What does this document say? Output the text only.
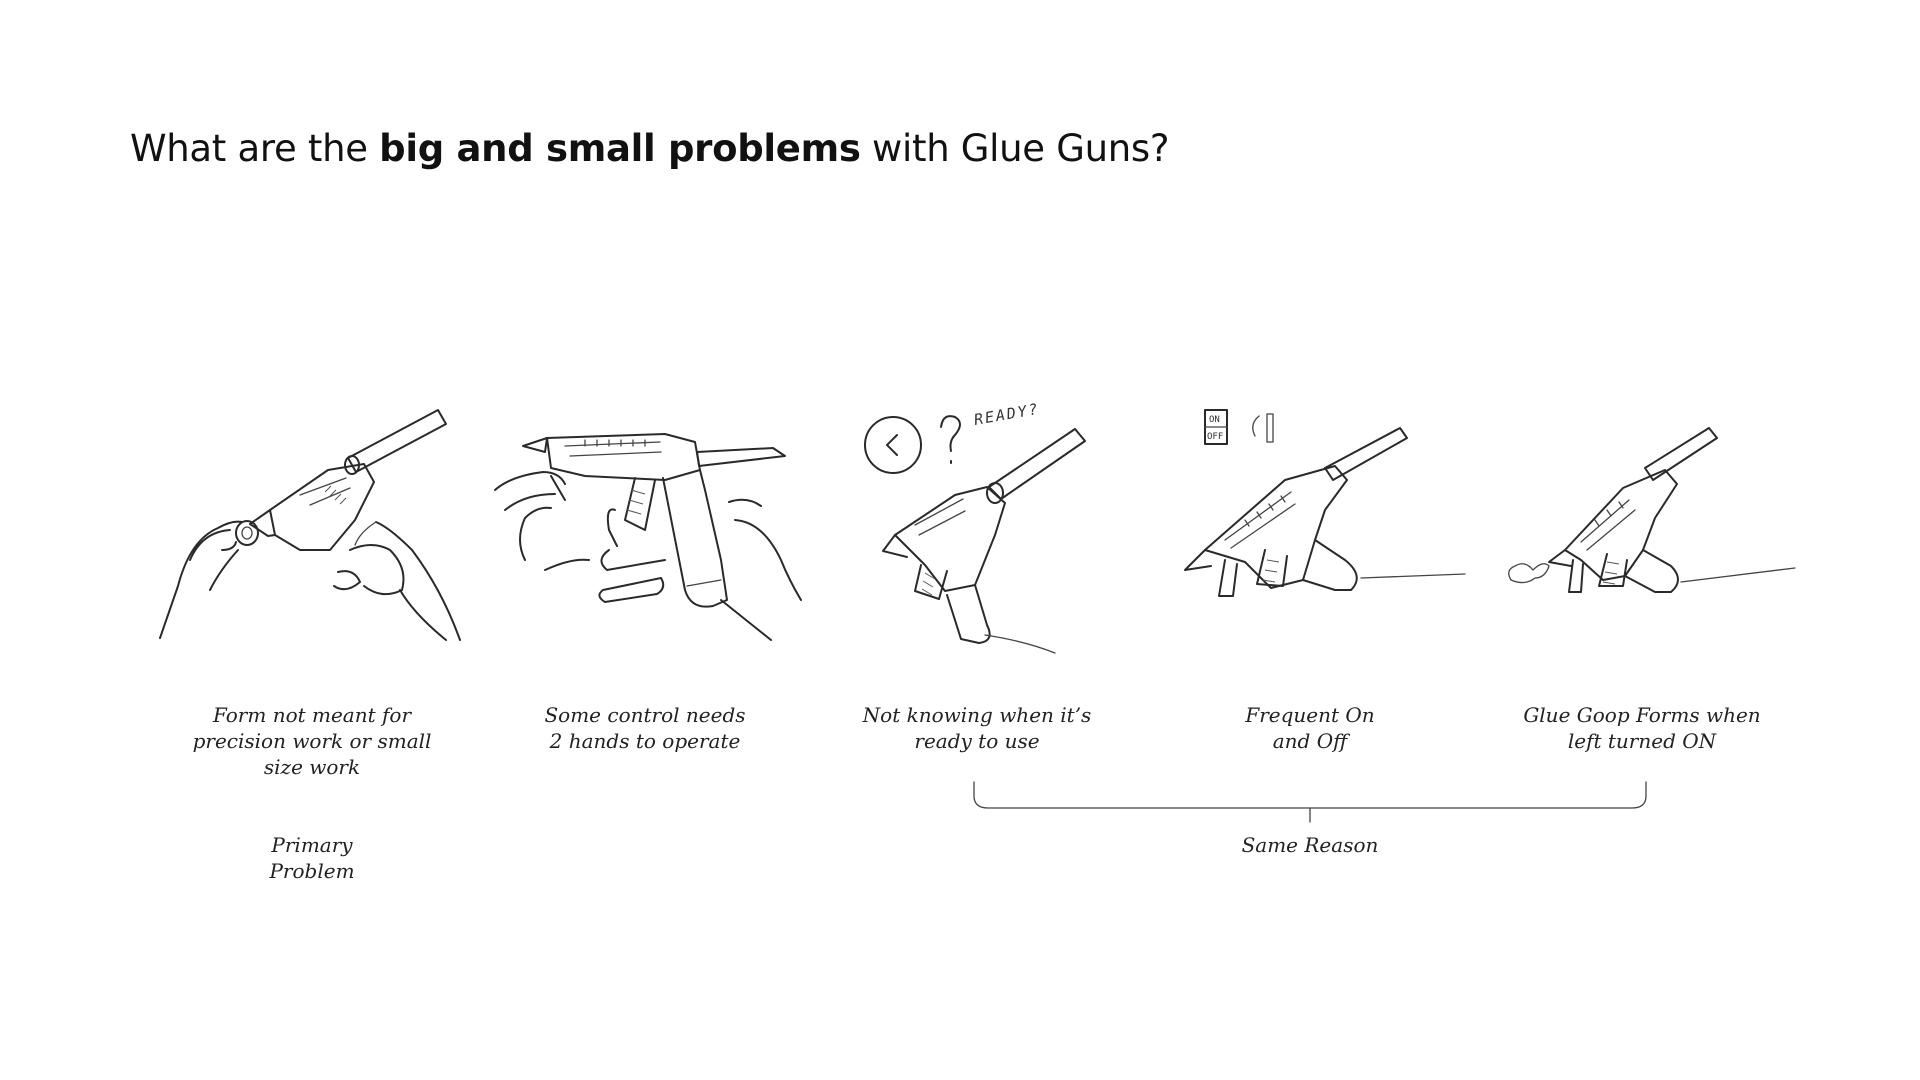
What are the big and small problems with Glue Guns?
READY?	ON
OFF
Form not meant for
precision work or small
size work
Primary
Problem
Some control needs
2 hands to operate
Not knowing when it’s
ready to use
Frequent On
and Off
Glue Goop Forms when
left turned ON
Same Reason
